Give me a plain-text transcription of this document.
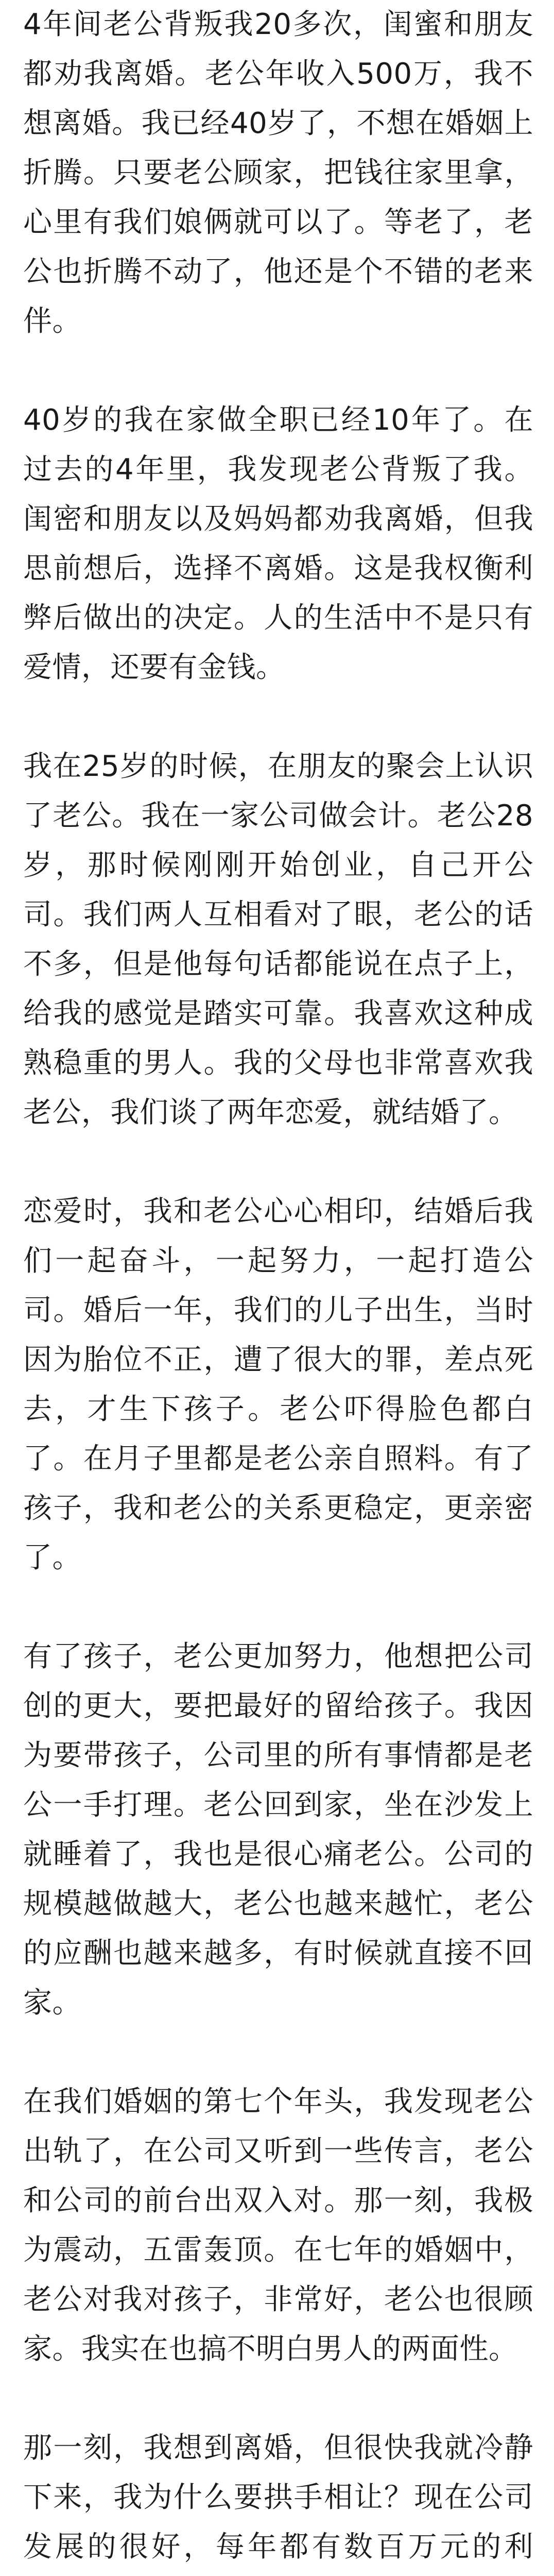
4年间老公背叛我20多次，闺蜜和朋友都劝我离婚。老公年收入500万，我不想离婚。我已经40岁了，不想在婚姻上折腾。只要老公顾家，把钱往家里拿，心里有我们娘俩就可以了。等老了，老公也折腾不动了，他还是个不错的老来伴。

40岁的我在家做全职已经10年了。在过去的4年里，我发现老公背叛了我。闺密和朋友以及妈妈都劝我离婚，但我思前想后，选择不离婚。这是我权衡利弊后做出的决定。人的生活中不是只有爱情，还要有金钱。

我在25岁的时候，在朋友的聚会上认识了老公。我在一家公司做会计。老公28岁，那时候刚刚开始创业，自己开公司。我们两人互相看对了眼，老公的话不多，但是他每句话都能说在点子上，给我的感觉是踏实可靠。我喜欢这种成熟稳重的男人。我的父母也非常喜欢我老公，我们谈了两年恋爱，就结婚了。

恋爱时，我和老公心心相印，结婚后我们一起奋斗，一起努力，一起打造公司。婚后一年，我们的儿子出生，当时因为胎位不正，遭了很大的罪，差点死去，才生下孩子。老公吓得脸色都白了。在月子里都是老公亲自照料。有了孩子，我和老公的关系更稳定，更亲密了。

有了孩子，老公更加努力，他想把公司创的更大，要把最好的留给孩子。我因为要带孩子，公司里的所有事情都是老公一手打理。老公回到家，坐在沙发上就睡着了，我也是很心痛老公。公司的规模越做越大，老公也越来越忙，老公的应酬也越来越多，有时候就直接不回家。

在我们婚姻的第七个年头，我发现老公出轨了，在公司又听到一些传言，老公和公司的前台出双入对。那一刻，我极为震动，五雷轰顶。在七年的婚姻中，老公对我对孩子，非常好，老公也很顾家。我实在也搞不明白男人的两面性。

那一刻，我想到离婚，但很快我就冷静下来，我为什么要拱手相让？现在公司发展的很好，每年都有数百万元的利
